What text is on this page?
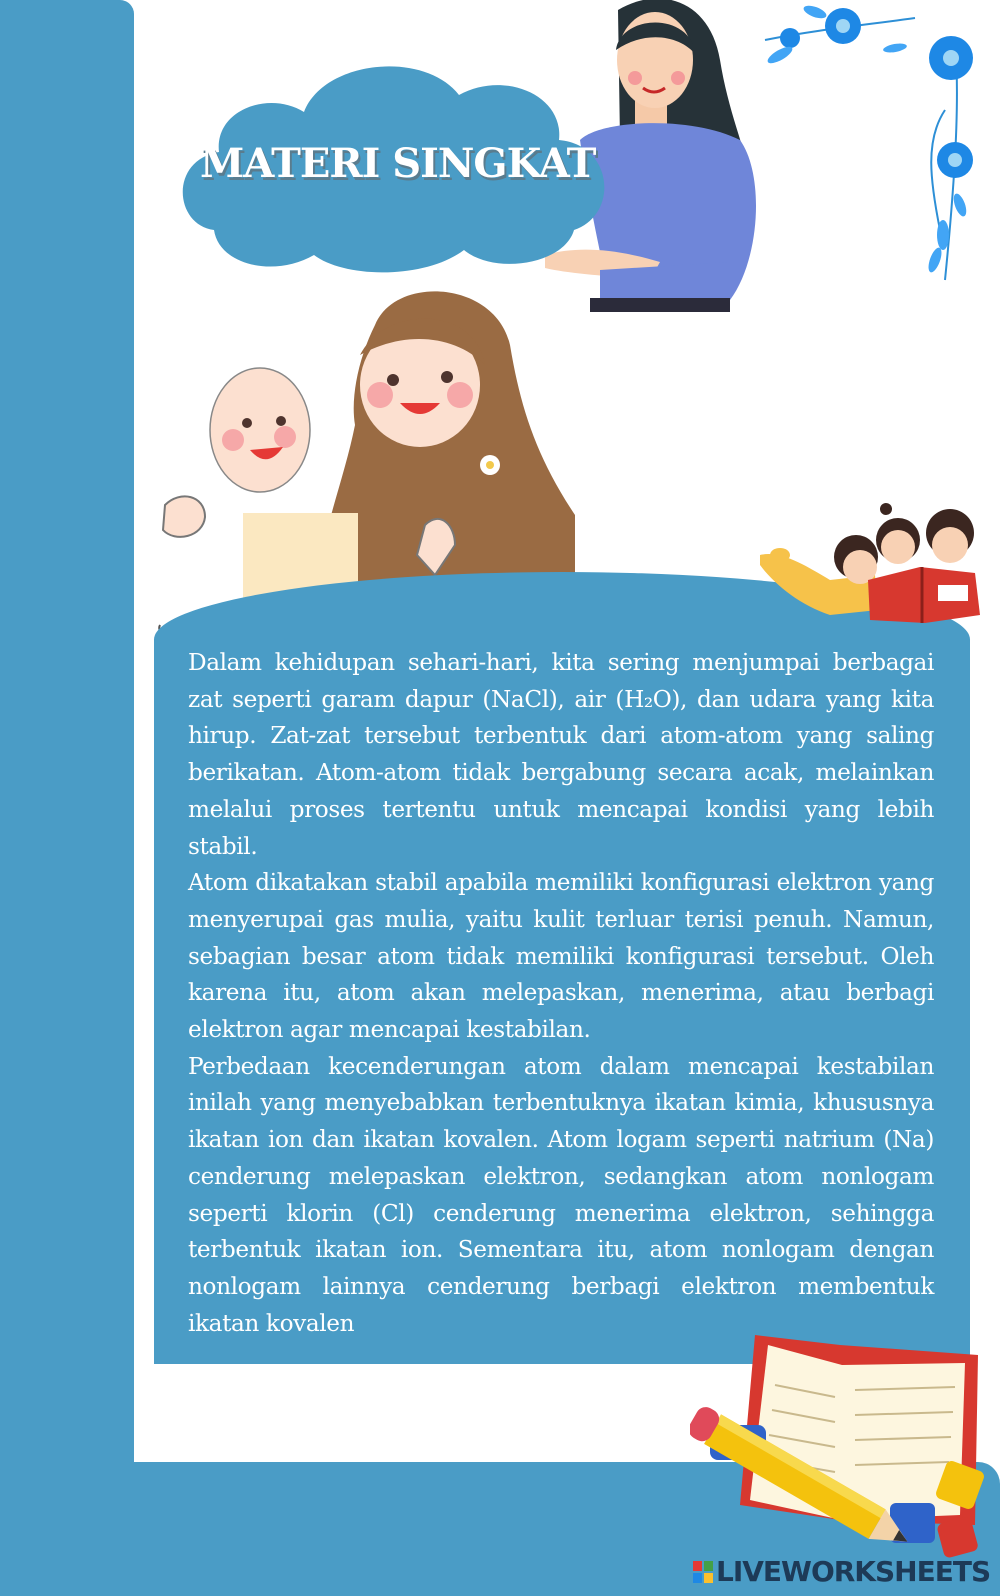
MATERI SINGKAT

Dalam kehidupan sehari-hari, kita sering menjumpai berbagai zat seperti garam dapur (NaCl), air (H₂O), dan udara yang kita hirup. Zat-zat tersebut terbentuk dari atom-atom yang saling berikatan. Atom-atom tidak bergabung secara acak, melainkan melalui proses tertentu untuk mencapai kondisi yang lebih stabil.

Atom dikatakan stabil apabila memiliki konfigurasi elektron yang menyerupai gas mulia, yaitu kulit terluar terisi penuh. Namun, sebagian besar atom tidak memiliki konfigurasi tersebut. Oleh karena itu, atom akan melepaskan, menerima, atau berbagi elektron agar mencapai kestabilan.

Perbedaan kecenderungan atom dalam mencapai kestabilan inilah yang menyebabkan terbentuknya ikatan kimia, khususnya ikatan ion dan ikatan kovalen. Atom logam seperti natrium (Na) cenderung melepaskan elektron, sedangkan atom nonlogam seperti klorin (Cl) cenderung menerima elektron, sehingga terbentuk ikatan ion. Sementara itu, atom nonlogam dengan nonlogam lainnya cenderung berbagi elektron membentuk ikatan kovalen

LIVEWORKSHEETS
